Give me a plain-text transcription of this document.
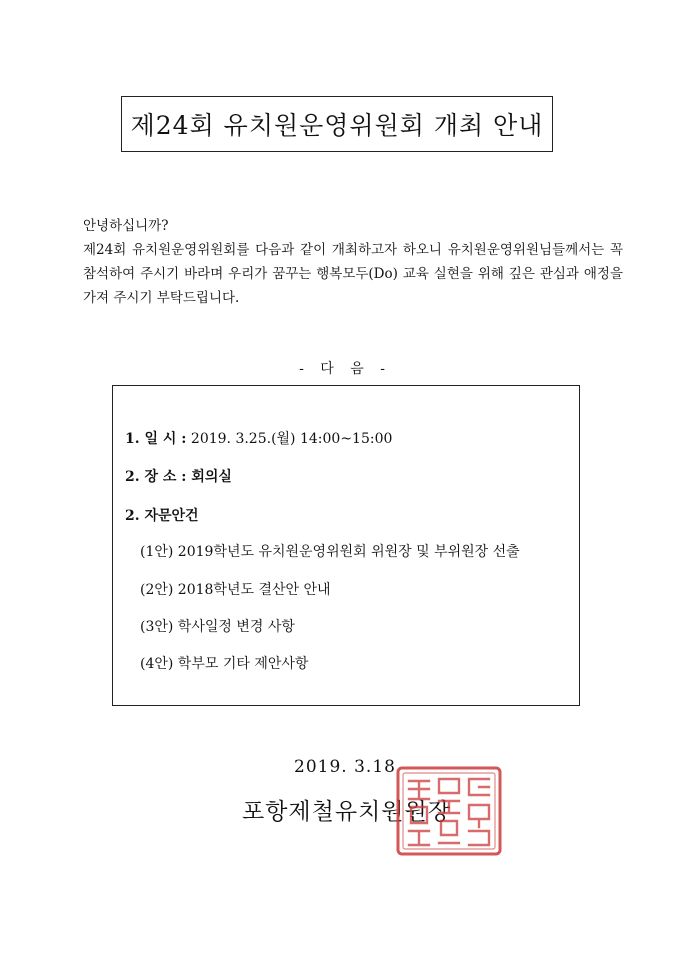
제24회 유치원운영위원회 개최 안내

안녕하십니까?

제24회 유치원운영위원회를 다음과 같이 개최하고자 하오니 유치원운영위원님들께서는 꼭 참석하여 주시기 바라며 우리가 꿈꾸는 행복모두(Do) 교육 실현을 위해 깊은 관심과 애정을 가져 주시기 부탁드립니다.

- 다 음 -
1. 일 시 : 2019. 3.25.(월) 14:00~15:00
2. 장 소 : 회의실
2. 자문안건
(1안) 2019학년도 유치원운영위원회 위원장 및 부위원장 선출
(2안) 2018학년도 결산안 안내
(3안) 학사일정 변경 사항
(4안) 학부모 기타 제안사항
2019. 3.18
포항제철유치원원장
